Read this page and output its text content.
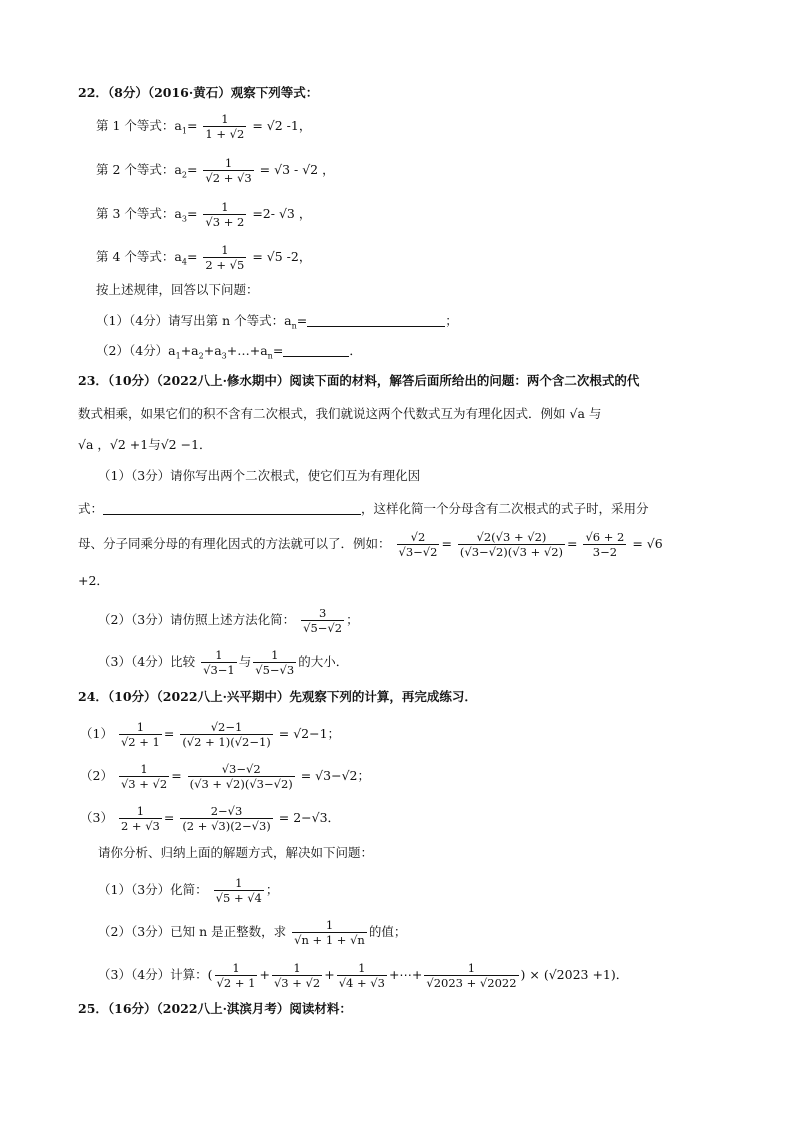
22．（8分）（2016·黄石）观察下列等式：
第 1 个等式：$a_1= \frac{1}{1 + √2} = √2$ -1，
第 2 个等式：$a_2= \frac{1}{√2 + √3} = √3 - √2$ ，
第 3 个等式：$a_3= \frac{1}{√3 + 2} =2-$ √3 ，
第 4 个等式：$a_4= \frac{1}{2 + √5} = √5$ -2，
按上述规律，回答以下问题：
（1）（4分）请写出第 n 个等式：$a_n=$	；
（2）（4分）$a_1+a_2+a_3+\dots+a_n=$	．
23．（10分）（2022八上·修水期中）阅读下面的材料，解答后面所给出的问题：两个含二次根式的代
数式相乘，如果它们的积不含有二次根式，我们就说这两个代数式互为有理化因式．例如 √a 与
√a ，√2 +1与√2 −1．
（1）（3分）请你写出两个二次根式，使它们互为有理化因
式：	，这样化简一个分母含有二次根式的式子时，采用分
母、分子同乘分母的有理化因式的方法就可以了．例如： $\frac{√2}{√3-√2} = \frac{√2(√3 + √2)}{(√3-√2)(√3 + √2)} = \frac{√6 + 2}{3-2} = √6$
+2．
（2）（3分）请仿照上述方法化简： $\frac{3}{√5-√2}$ ；
（3）（4分）比较 $\frac{1}{√3-1}$ 与 $\frac{1}{√5-√3}$ 的大小．
24．（10分）（2022八上·兴平期中）先观察下列的计算，再完成练习．
$(1) \frac{1}{√2 + 1} = \frac{√2-1}{(√2 + 1)(√2-1)} = √2-1$；
$(2) \frac{1}{√3 + √2} = \frac{√3-√2}{(√3 + √2)(√3-√2)} = √3-√2$；
$(3) \frac{1}{2 + √3} = \frac{2-√3}{(2 + √3)(2-√3)} = 2-√3$．
请你分析、归纳上面的解题方式，解决如下问题：
（1）（3分）化简： $\frac{1}{√5 + √4}$ ；
（2）（3分）已知 n 是正整数，求 $\frac{1}{√n + 1 + √n}$ 的值；
（3）（4分）计算：( $\frac{1}{√2 + 1} + \frac{1}{√3 + √2} + \frac{1}{√4 + √3}$ +⋯+ $\frac{1}{√2023 + √2022}$ ) × (√2023 +1)．
25．（16分）（2022八上·淇滨月考）阅读材料：
